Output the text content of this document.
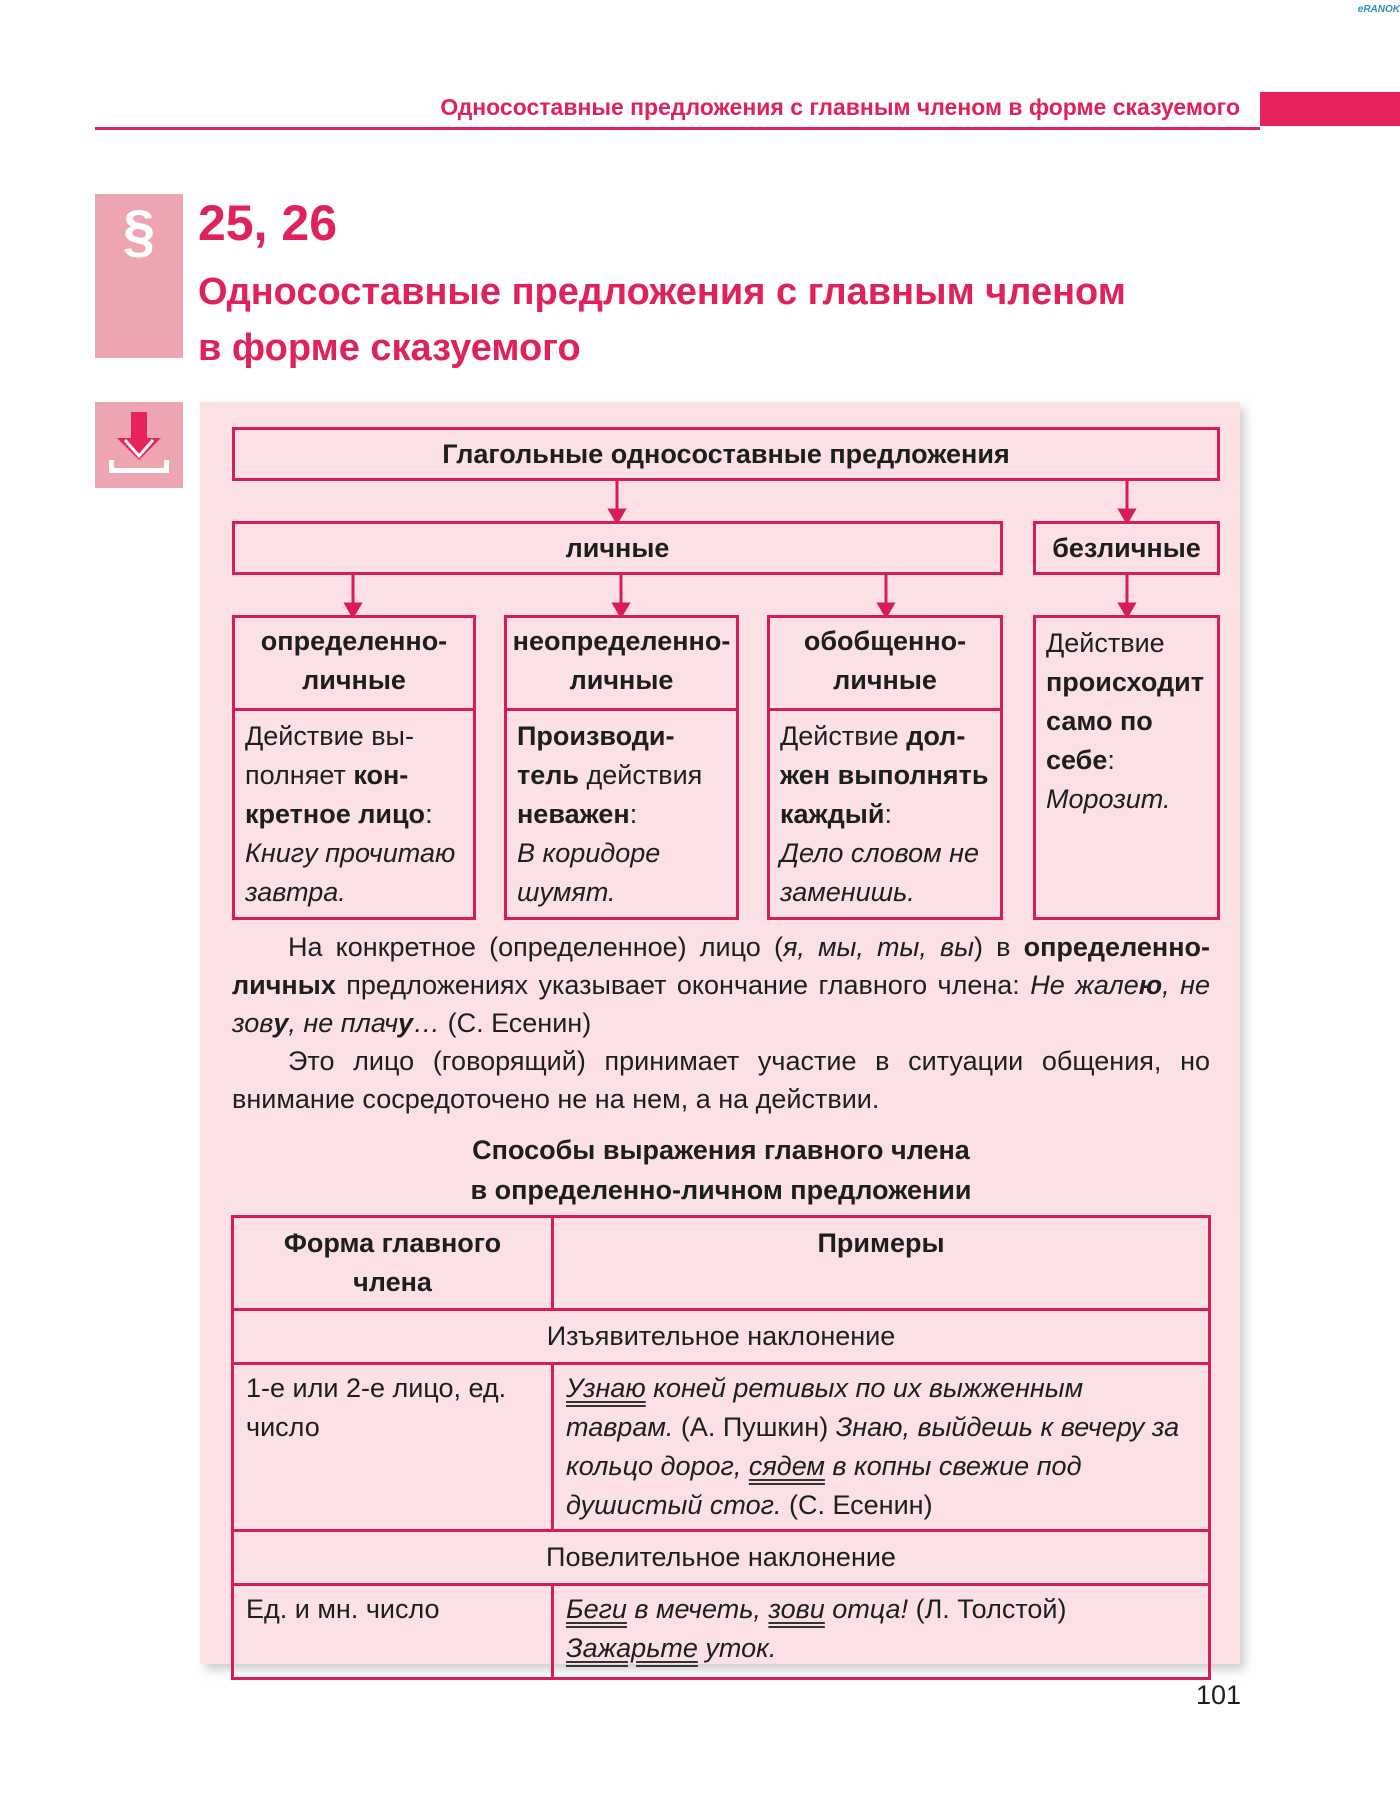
$^{eRANOK}$
Односоставные предложения с главным членом в форме сказуемого
§ 25, 26
Односоставные предложения с главным членом
в форме сказуемого
Глагольные односоставные предложения
личные	безличные
определенно-личные
Действие выполняет конкретное лицо:
Книгу прочитаю завтра.
неопределенно-личные
Производитель действия неважен:
В коридоре шумят.
обобщенно-личные
Действие должен выполнять каждый:
Дело словом не заменишь.
Действие происходит само по себе:
Морозит.
На конкретное (определенное) лицо (я, мы, ты, вы) в определенно-личных предложениях указывает окончание главного члена: Не жалею, не зову, не плачу… (С. Есенин)
Это лицо (говорящий) принимает участие в ситуации общения, но внимание сосредоточено не на нем, а на действии.
Способы выражения главного члена
в определенно-личном предложении
Форма главного члена	Примеры
Изъявительное наклонение	
1-е или 2-е лицо, ед. число	Узнаю коней ретивых по их выжженным таврам. (А. Пушкин) Знаю, выйдешь к вечеру за кольцо дорог, сядем в копны свежие под душистый стог. (С. Есенин)
Повелительное наклонение	
Ед. и мн. число	Беги в мечеть, зови отца! (Л. Толстой)
Зажарьте уток.
101
